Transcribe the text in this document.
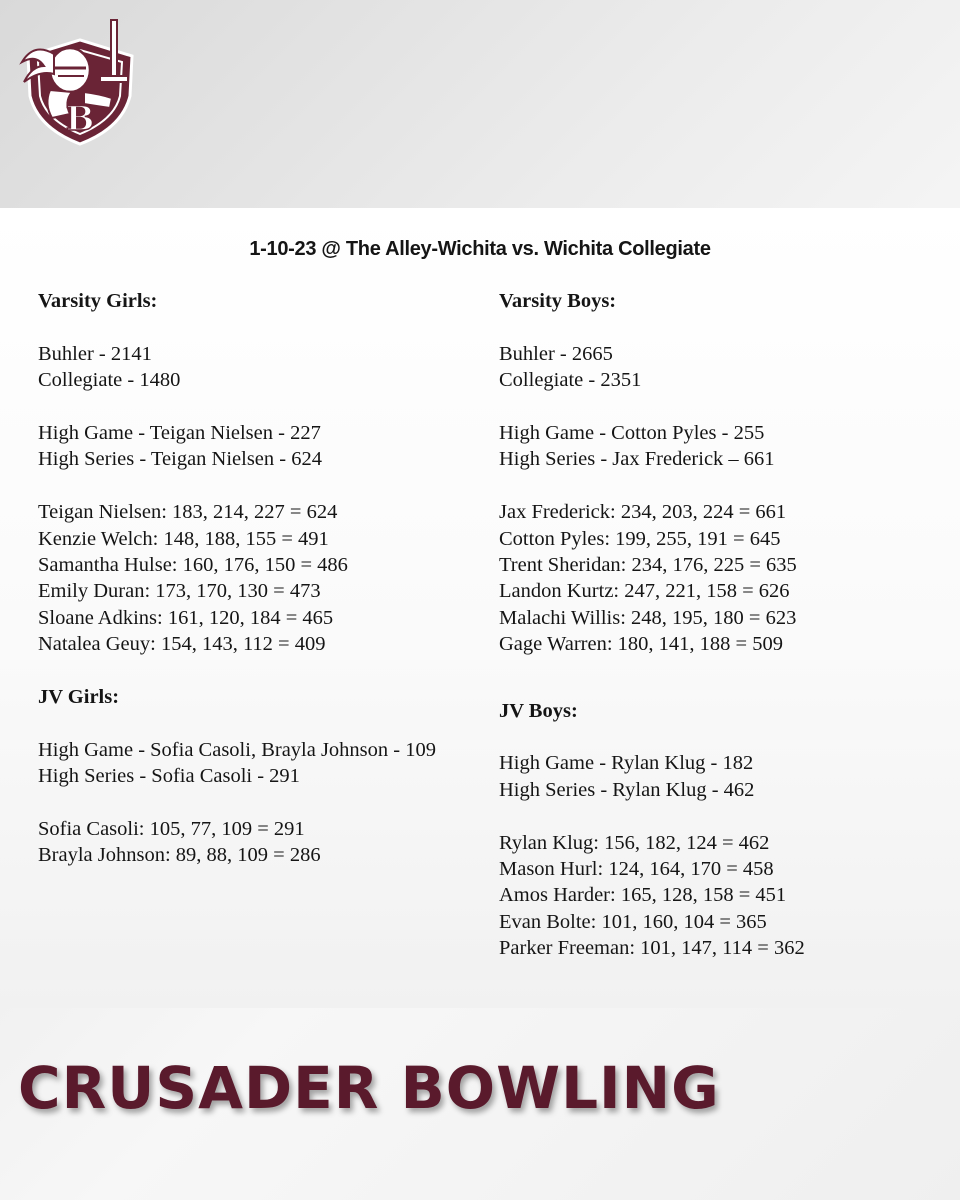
B
1-10-23 @ The Alley-Wichita vs. Wichita Collegiate
Varsity Girls:
Buhler - 2141
Collegiate - 1480
High Game - Teigan Nielsen - 227
High Series - Teigan Nielsen - 624
Teigan Nielsen: 183, 214, 227 = 624
Kenzie Welch: 148, 188, 155 = 491
Samantha Hulse: 160, 176, 150 = 486
Emily Duran: 173, 170, 130 = 473
Sloane Adkins: 161, 120, 184 = 465
Natalea Geuy: 154, 143, 112 = 409
JV Girls:
High Game - Sofia Casoli, Brayla Johnson - 109
High Series - Sofia Casoli - 291
Sofia Casoli: 105, 77, 109 = 291
Brayla Johnson: 89, 88, 109 = 286
Varsity Boys:
Buhler - 2665
Collegiate - 2351
High Game - Cotton Pyles - 255
High Series - Jax Frederick – 661
Jax Frederick: 234, 203, 224 = 661
Cotton Pyles: 199, 255, 191 = 645
Trent Sheridan: 234, 176, 225 = 635
Landon Kurtz: 247, 221, 158 = 626
Malachi Willis: 248, 195, 180 = 623
Gage Warren: 180, 141, 188 = 509
JV Boys:
High Game - Rylan Klug - 182
High Series - Rylan Klug - 462
Rylan Klug: 156, 182, 124 = 462
Mason Hurl: 124, 164, 170 = 458
Amos Harder: 165, 128, 158 = 451
Evan Bolte: 101, 160, 104 = 365
Parker Freeman: 101, 147, 114 = 362
CRUSADER BOWLING
